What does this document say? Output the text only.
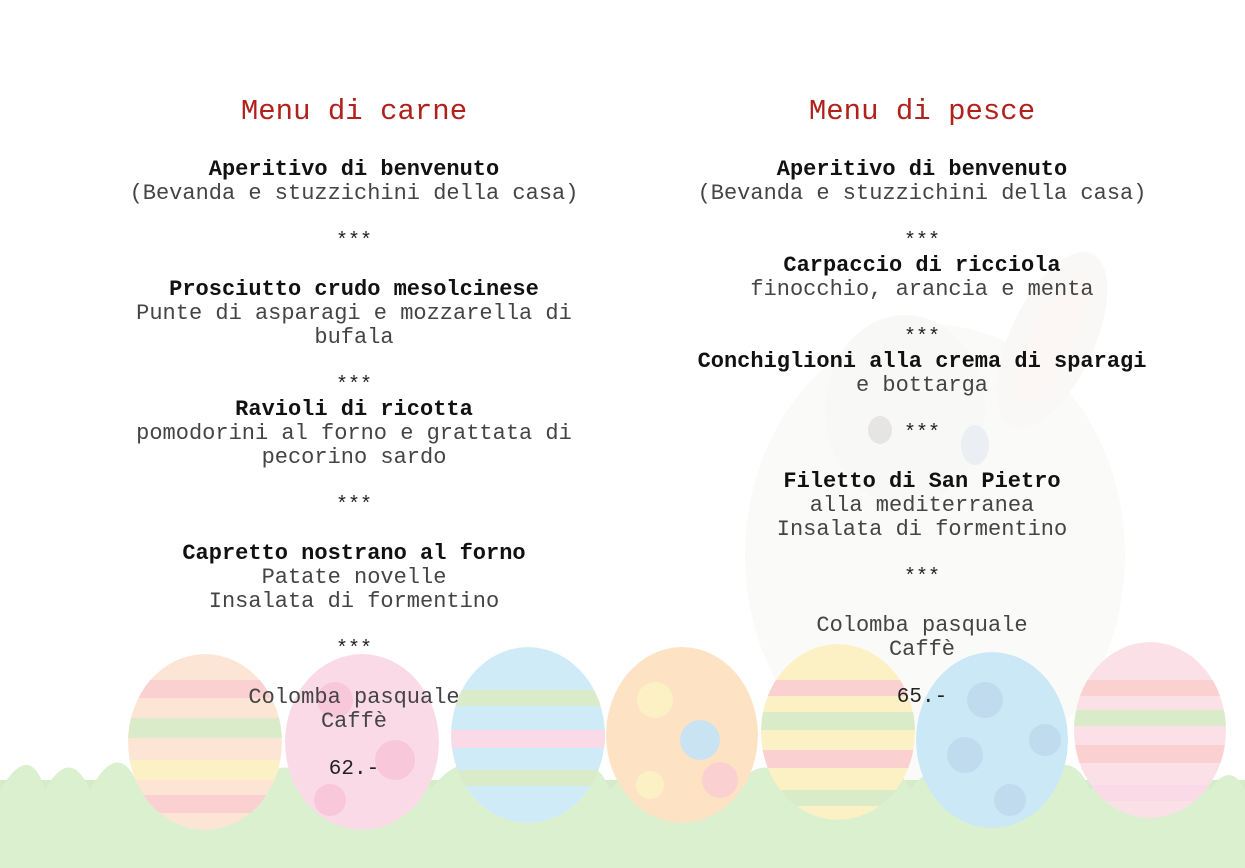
Menu di carne
Aperitivo di benvenuto
(Bevanda e stuzzichini della casa)
***
Prosciutto crudo mesolcinese
Punte di asparagi e mozzarella di
bufala
***
Ravioli di ricotta
pomodorini al forno e grattata di
pecorino sardo
***
Capretto nostrano al forno
Patate novelle
Insalata di formentino
***
Colomba pasquale
Caffè
62.-
Menu di pesce
Aperitivo di benvenuto
(Bevanda e stuzzichini della casa)
***
Carpaccio di ricciola
finocchio, arancia e menta
***
Conchiglioni alla crema di sparagi
e bottarga
***
Filetto di San Pietro
alla mediterranea
Insalata di formentino
***
Colomba pasquale
Caffè
65.-
